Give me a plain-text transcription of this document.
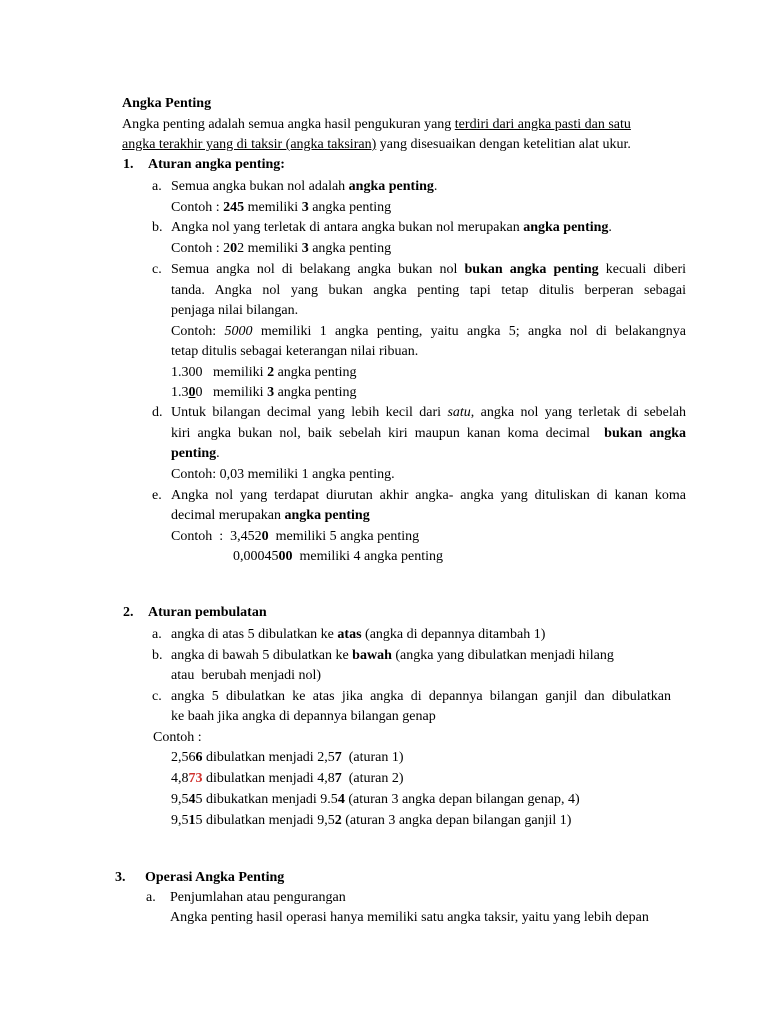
Angka Penting
Angka penting adalah semua angka hasil pengukuran yang terdiri dari angka pasti dan satu
angka terakhir yang di taksir (angka taksiran) yang disesuaikan dengan ketelitian alat ukur.
1. Aturan angka penting:
a. Semua angka bukan nol adalah angka penting.
Contoh : 245 memiliki 3 angka penting
b. Angka nol yang terletak di antara angka bukan nol merupakan angka penting.
Contoh : 202 memiliki 3 angka penting
c. Semua angka nol di belakang angka bukan nol bukan angka penting kecuali diberi
tanda. Angka nol yang bukan angka penting tapi tetap ditulis berperan sebagai
penjaga nilai bilangan.
Contoh: 5000 memiliki 1 angka penting, yaitu angka 5; angka nol di belakangnya
tetap ditulis sebagai keterangan nilai ribuan.
1.300   memiliki 2 angka penting
1.300   memiliki 3 angka penting
d. Untuk bilangan decimal yang lebih kecil dari satu, angka nol yang terletak di sebelah
kiri angka bukan nol, baik sebelah kiri maupun kanan koma decimal  bukan angka
penting.
Contoh: 0,03 memiliki 1 angka penting.
e. Angka nol yang terdapat diurutan akhir angka- angka yang dituliskan di kanan koma
decimal merupakan angka penting
Contoh  :  3,4520  memiliki 5 angka penting
0,0004500  memiliki 4 angka penting
2. Aturan pembulatan
a. angka di atas 5 dibulatkan ke atas (angka di depannya ditambah 1)
b. angka di bawah 5 dibulatkan ke bawah (angka yang dibulatkan menjadi hilang
atau  berubah menjadi nol)
c. angka 5 dibulatkan ke atas jika angka di depannya bilangan ganjil dan dibulatkan
ke baah jika angka di depannya bilangan genap
Contoh :
2,566 dibulatkan menjadi 2,57  (aturan 1)
4,873 dibulatkan menjadi 4,87  (aturan 2)
9,545 dibukatkan menjadi 9.54 (aturan 3 angka depan bilangan genap, 4)
9,515 dibulatkan menjadi 9,52 (aturan 3 angka depan bilangan ganjil 1)
3. Operasi Angka Penting
a. Penjumlahan atau pengurangan
Angka penting hasil operasi hanya memiliki satu angka taksir, yaitu yang lebih depan
